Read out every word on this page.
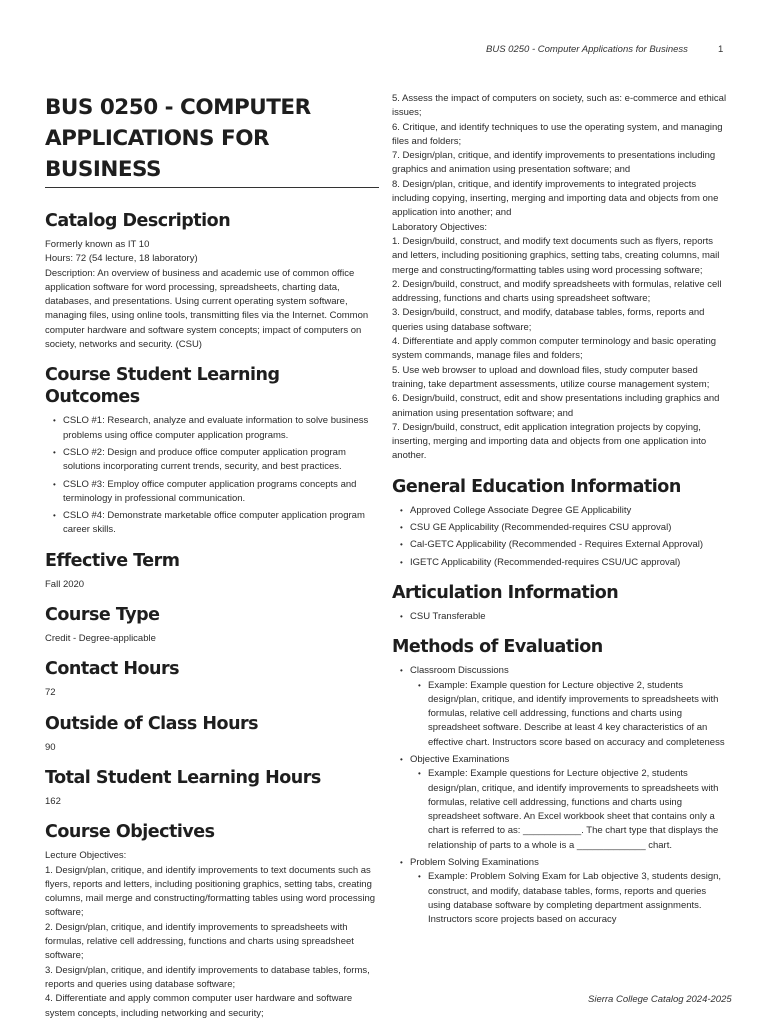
BUS 0250 - Computer Applications for Business	1
BUS 0250 - COMPUTER APPLICATIONS FOR BUSINESS
Catalog Description

Formerly known as IT 10

Hours: 72 (54 lecture, 18 laboratory)

Description: An overview of business and academic use of common office application software for word processing, spreadsheets, charting data, databases, and presentations. Using current operating system software, managing files, using online tools, transmitting files via the Internet. Common computer hardware and software system concepts; impact of computers on society, networks and security. (CSU)

Course Student Learning Outcomes
• CSLO #1: Research, analyze and evaluate information to solve business problems using office computer application programs.
• CSLO #2: Design and produce office computer application program solutions incorporating current trends, security, and best practices.
• CSLO #3: Employ office computer application programs concepts and terminology in professional communication.
• CSLO #4: Demonstrate marketable office computer application program career skills.
Effective Term

Fall 2020

Course Type

Credit - Degree-applicable

Contact Hours

72

Outside of Class Hours

90

Total Student Learning Hours

162

Course Objectives

Lecture Objectives:

1. Design/plan, critique, and identify improvements to text documents such as flyers, reports and letters, including positioning graphics, setting tabs, creating columns, mail merge and constructing/formatting tables using word processing software;

2. Design/plan, critique, and identify improvements to spreadsheets with formulas, relative cell addressing, functions and charts using spreadsheet software;

3. Design/plan, critique, and identify improvements to database tables, forms, reports and queries using database software;

4. Differentiate and apply common computer user hardware and software system concepts, including networking and security;

5. Assess the impact of computers on society, such as: e-commerce and ethical issues;

6. Critique, and identify techniques to use the operating system, and managing files and folders;

7. Design/plan, critique, and identify improvements to presentations including graphics and animation using presentation software; and

8. Design/plan, critique, and identify improvements to integrated projects including copying, inserting, merging and importing data and objects from one application into another; and

Laboratory Objectives:

1. Design/build, construct, and modify text documents such as flyers, reports and letters, including positioning graphics, setting tabs, creating columns, mail merge and constructing/formatting tables using word processing software;

2. Design/build, construct, and modify spreadsheets with formulas, relative cell addressing, functions and charts using spreadsheet software;

3. Design/build, construct, and modify, database tables, forms, reports and queries using database software;

4. Differentiate and apply common computer terminology and basic operating system commands, manage files and folders;

5. Use web browser to upload and download files, study computer based training, take department assessments, utilize course management system;

6. Design/build, construct, edit and show presentations including graphics and animation using presentation software; and

7. Design/build, construct, edit application integration projects by copying, inserting, merging and importing data and objects from one application into another.

General Education Information
• Approved College Associate Degree GE Applicability
• CSU GE Applicability (Recommended-requires CSU approval)
• Cal-GETC Applicability (Recommended - Requires External Approval)
• IGETC Applicability (Recommended-requires CSU/UC approval)
Articulation Information
• CSU Transferable
Methods of Evaluation
• Classroom Discussions
• Example: Example question for Lecture objective 2, students design/plan, critique, and identify improvements to spreadsheets with formulas, relative cell addressing, functions and charts using spreadsheet software. Describe at least 4 key characteristics of an effective chart. Instructors score based on accuracy and completeness
• Objective Examinations
• Example: Example questions for Lecture objective 2, students design/plan, critique, and identify improvements to spreadsheets with formulas, relative cell addressing, functions and charts using spreadsheet software. An Excel workbook sheet that contains only a chart is referred to as: ___________. The chart type that displays the relationship of parts to a whole is a _____________ chart.
• Problem Solving Examinations
• Example: Problem Solving Exam for Lab objective 3, students design, construct, and modify, database tables, forms, reports and queries using database software by completing department assignments. Instructors score projects based on accuracy
Sierra College Catalog 2024-2025
